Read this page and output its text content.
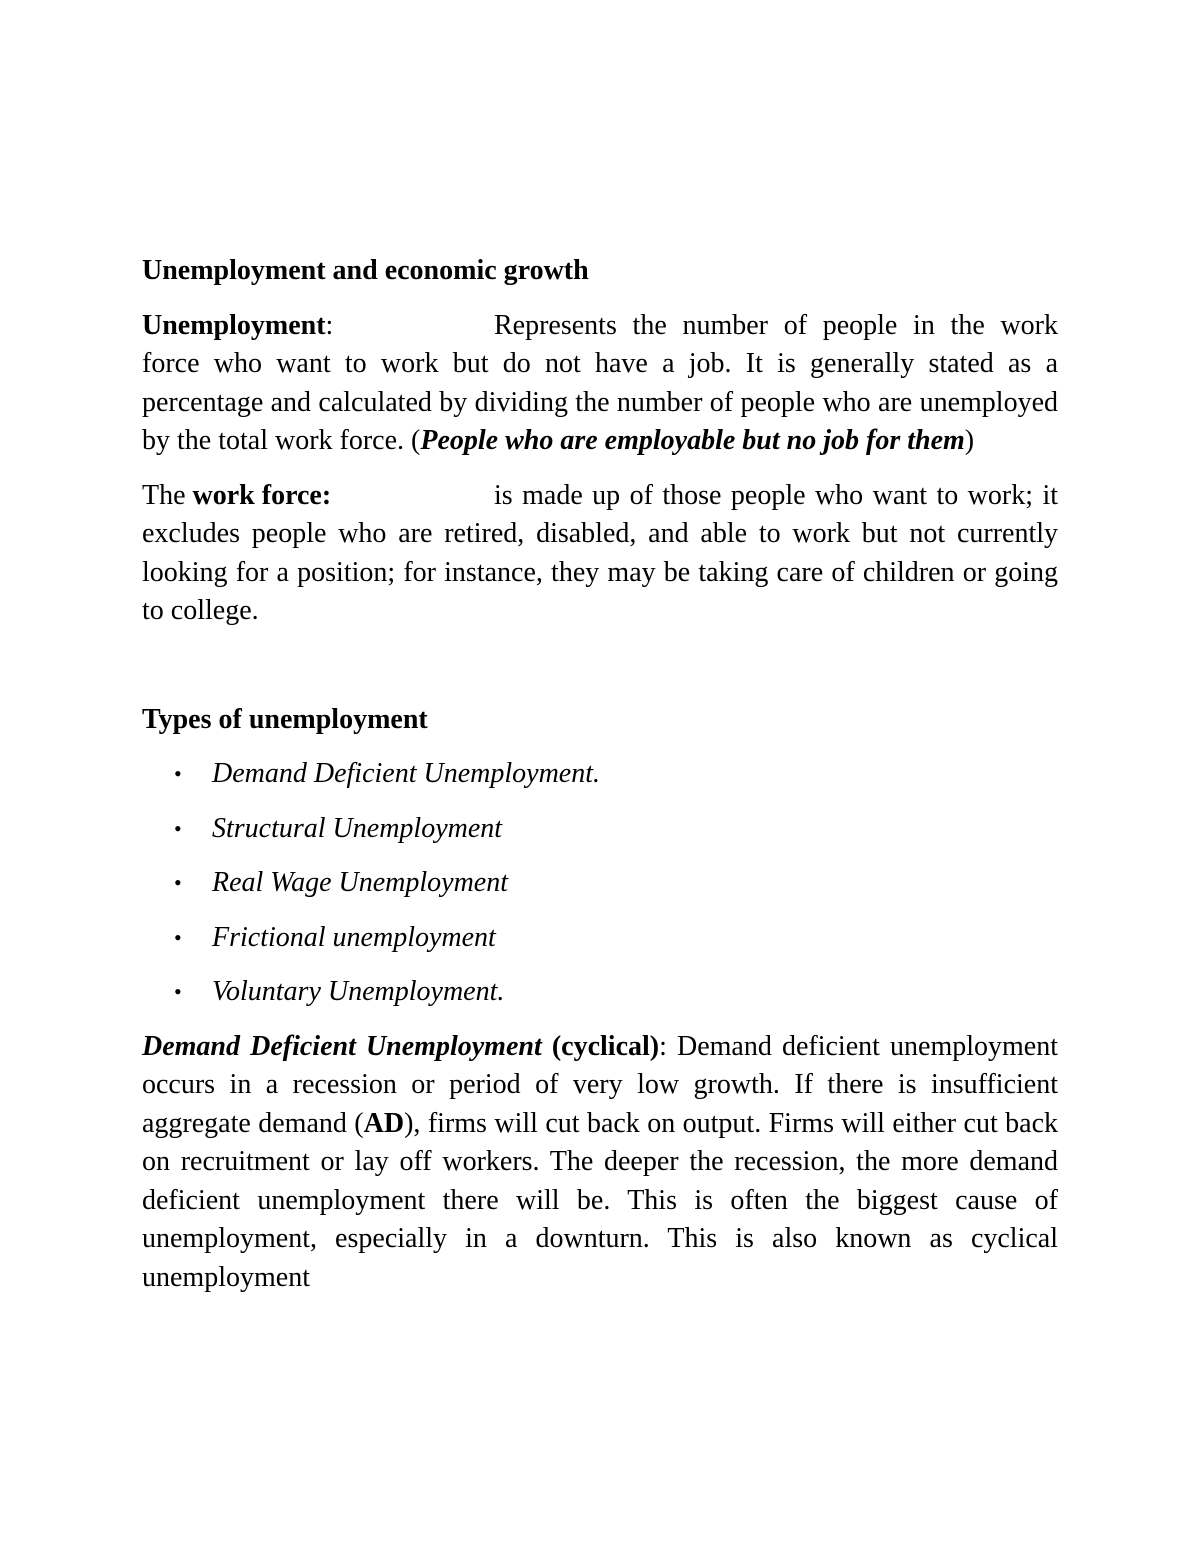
Unemployment and economic growth

Unemployment:	Represents the number of people in the work force who want to work but do not have a job. It is generally stated as a percentage and calculated by dividing the number of people who are unemployed by the total work force. (People who are employable but no job for them)

The work force:	is made up of those people who want to work; it excludes people who are retired, disabled, and able to work but not currently looking for a position; for instance, they may be taking care of children or going to college.

Types of unemployment

• Demand Deficient Unemployment.
• Structural Unemployment
• Real Wage Unemployment
• Frictional unemployment
• Voluntary Unemployment.

Demand Deficient Unemployment (cyclical): Demand deficient unemployment occurs in a recession or period of very low growth. If there is insufficient aggregate demand (AD), firms will cut back on output. Firms will either cut back on recruitment or lay off workers. The deeper the recession, the more demand deficient unemployment there will be. This is often the biggest cause of unemployment, especially in a downturn. This is also known as cyclical unemployment
